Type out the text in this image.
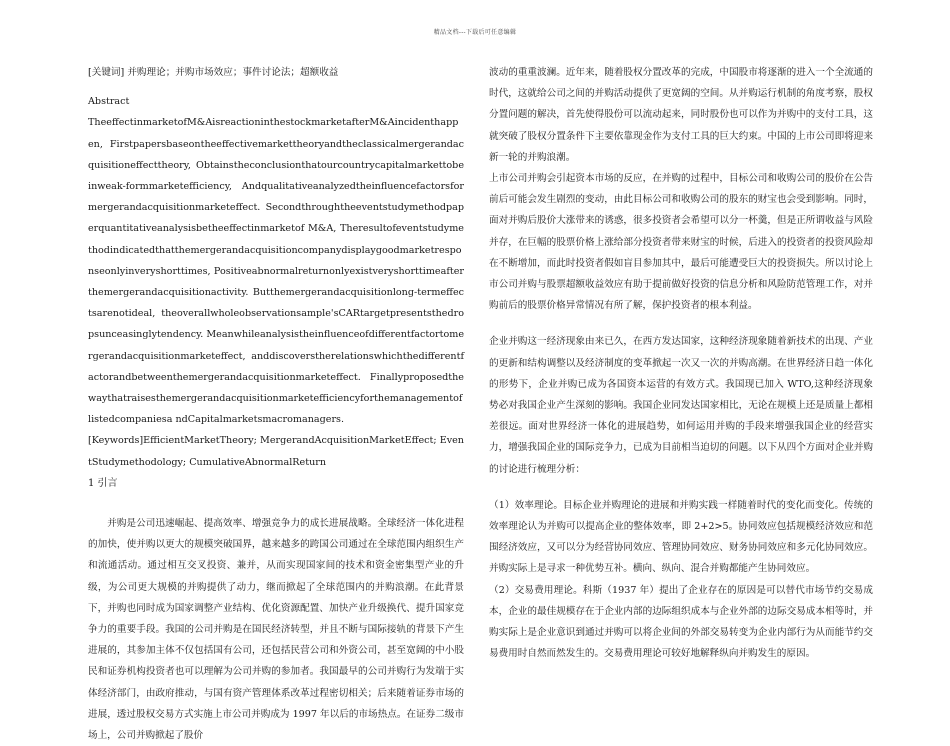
精品文档---下载后可任意编辑

[关键词] 并购理论；并购市场效应；事件讨论法；超额收益

Abstract

TheeffectinmarketofM&AisreactioninthestockmarketafterM&Aincidenthappen, Firstpapersbaseontheeffectivemarkettheoryandtheclassicalmergerandacquisitioneffecttheory, Obtainstheconclusionthatourcountrycapitalmarkettobeinweak-formmarketefficiency, Andqualitativeanalyzedtheinfluencefactorsformergerandacquisitionmarketeffect. Secondthroughtheeventstudymethodpaperquantitativeanalysisbetheeffectinmarketof M&A, Theresultofeventstudymethodindicatedthatthemergerandacquisitioncompanydisplaygoodmarketresponseonlyinveryshorttimes, Positiveabnormalreturnonlyexistveryshorttimeafterthemergerandacquisitionactivity. Butthemergerandacquisitionlong-termeffectsarenotideal, theoverallwholeobservationsample'sCARtargetpresentsthedropsunceasinglytendency. Meanwhileanalysistheinfluenceofdifferentfactortomergerandacquisitionmarketeffect, anddiscoverstherelationswhichthedifferentfactorandbetweenthemergerandacquisitionmarketeffect. Finallyproposedthewaythatraisesthemergerandacquisitionmarketefficiencyforthemanagementoflistedcompaniesa ndCapitalmarketsmacromanagers.

[Keywords]EfficientMarketTheory; MergerandAcquisitionMarketEffect; EventStudymethodology; CumulativeAbnormalReturn

1 引言

并购是公司迅速崛起、提高效率、增强竞争力的成长进展战略。全球经济一体化进程的加快，使并购以更大的规模突破国界，越来越多的跨国公司通过在全球范围内组织生产和流通活动。通过相互交叉投资、兼并，从而实现国家间的技术和资金密集型产业的升级，为公司更大规模的并购提供了动力，继而掀起了全球范围内的并购浪潮。在此背景下，并购也同时成为国家调整产业结构、优化资源配置、加快产业升级换代、提升国家竞争力的重要手段。我国的公司并购是在国民经济转型，并且不断与国际接轨的背景下产生进展的，其参加主体不仅包括国有公司，还包括民营公司和外资公司，甚至宽阔的中小股民和证券机构投资者也可以理解为公司并购的参加者。我国最早的公司并购行为发端于实体经济部门，由政府推动，与国有资产管理体系改革过程密切相关；后来随着证券市场的进展，透过股权交易方式实施上市公司并购成为 1997 年以后的市场热点。在证券二级市场上，公司并购掀起了股价

波动的重重波澜。近年来，随着股权分置改革的完成，中国股市将逐渐的进入一个全流通的时代，这就给公司之间的并购活动提供了更宽阔的空间。从并购运行机制的角度考察，股权分置问题的解决，首先使得股份可以流动起来，同时股份也可以作为并购中的支付工具，这就突破了股权分置条件下主要依靠现金作为支付工具的巨大约束。中国的上市公司即将迎来新一轮的并购浪潮。

上市公司并购会引起资本市场的反应，在并购的过程中，目标公司和收购公司的股价在公告前后可能会发生剧烈的变动，由此目标公司和收购公司的股东的财宝也会受到影响。同时，面对并购后股价大涨带来的诱惑，很多投资者会希望可以分一杯羹，但是正所谓收益与风险并存，在巨幅的股票价格上涨给部分投资者带来财宝的时候，后进入的投资者的投资风险却在不断增加，而此时投资者假如盲目参加其中，最后可能遭受巨大的投资损失。所以讨论上市公司并购与股票超额收益效应有助于提前做好投资的信息分析和风险防范管理工作，对并购前后的股票价格异常情况有所了解，保护投资者的根本利益。

企业并购这一经济现象由来已久，在西方发达国家，这种经济现象随着新技术的出现、产业的更新和结构调整以及经济制度的变革掀起一次又一次的并购高潮。在世界经济日趋一体化的形势下，企业并购已成为各国资本运营的有效方式。我国现已加入 WTO,这种经济现象势必对我国企业产生深刻的影响。我国企业同发达国家相比，无论在规模上还是质量上都相差很远。面对世界经济一体化的进展趋势，如何运用并购的手段来增强我国企业的经营实力，增强我国企业的国际竞争力，已成为目前相当迫切的问题。以下从四个方面对企业并购的讨论进行梳理分析：

（1）效率理论。目标企业并购理论的进展和并购实践一样随着时代的变化而变化。传统的效率理论认为并购可以提高企业的整体效率，即 2+2>5。协同效应包括规模经济效应和范围经济效应，又可以分为经营协同效应、管理协同效应、财务协同效应和多元化协同效应。并购实际上是寻求一种优势互补。横向、纵向、混合并购都能产生协同效应。

（2）交易费用理论。科斯（1937 年）提出了企业存在的原因是可以替代市场节约交易成本，企业的最佳规模存在于企业内部的边际组织成本与企业外部的边际交易成本相等时，并购实际上是企业意识到通过并购可以将企业间的外部交易转变为企业内部行为从而能节约交易费用时自然而然发生的。交易费用理论可较好地解释纵向并购发生的原因。
